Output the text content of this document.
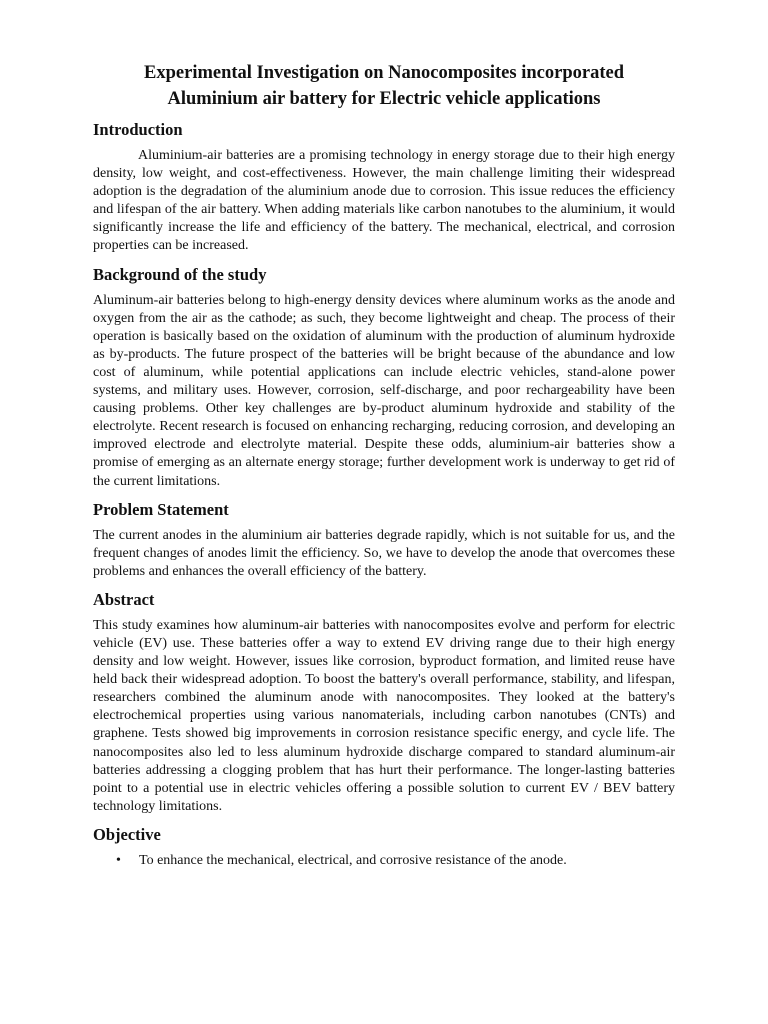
Experimental Investigation on Nanocomposites incorporated
Aluminium air battery for Electric vehicle applications
Introduction

Aluminium-air batteries are a promising technology in energy storage due to their high energy density, low weight, and cost-effectiveness. However, the main challenge limiting their widespread adoption is the degradation of the aluminium anode due to corrosion. This issue reduces the efficiency and lifespan of the air battery. When adding materials like carbon nanotubes to the aluminium, it would significantly increase the life and efficiency of the battery. The mechanical, electrical, and corrosion properties can be increased.

Background of the study

Aluminum-air batteries belong to high-energy density devices where aluminum works as the anode and oxygen from the air as the cathode; as such, they become lightweight and cheap. The process of their operation is basically based on the oxidation of aluminum with the production of aluminum hydroxide as by-products. The future prospect of the batteries will be bright because of the abundance and low cost of aluminum, while potential applications can include electric vehicles, stand-alone power systems, and military uses. However, corrosion, self-discharge, and poor rechargeability have been causing problems. Other key challenges are by-product aluminum hydroxide and stability of the electrolyte. Recent research is focused on enhancing recharging, reducing corrosion, and developing an improved electrode and electrolyte material. Despite these odds, aluminium-air batteries show a promise of emerging as an alternate energy storage; further development work is underway to get rid of the current limitations.

Problem Statement

The current anodes in the aluminium air batteries degrade rapidly, which is not suitable for us, and the frequent changes of anodes limit the efficiency. So, we have to develop the anode that overcomes these problems and enhances the overall efficiency of the battery.

Abstract

This study examines how aluminum-air batteries with nanocomposites evolve and perform for electric vehicle (EV) use. These batteries offer a way to extend EV driving range due to their high energy density and low weight. However, issues like corrosion, byproduct formation, and limited reuse have held back their widespread adoption. To boost the battery's overall performance, stability, and lifespan, researchers combined the aluminum anode with nanocomposites. They looked at the battery's electrochemical properties using various nanomaterials, including carbon nanotubes (CNTs) and graphene. Tests showed big improvements in corrosion resistance specific energy, and cycle life. The nanocomposites also led to less aluminum hydroxide discharge compared to standard aluminum-air batteries addressing a clogging problem that has hurt their performance. The longer-lasting batteries point to a potential use in electric vehicles offering a possible solution to current EV / BEV battery technology limitations.

Objective
• To enhance the mechanical, electrical, and corrosive resistance of the anode.
